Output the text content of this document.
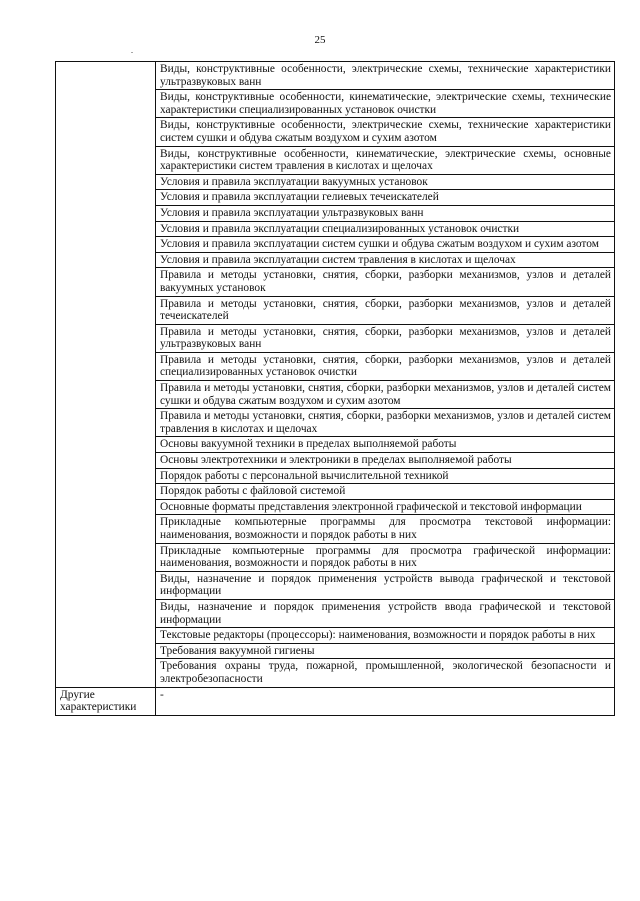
25
.
	Виды, конструктивные особенности, электрические схемы, технические характеристики ультразвуковых ванн
	Виды, конструктивные особенности, кинематические, электрические схемы, технические характеристики специализированных установок очистки
	Виды, конструктивные особенности, электрические схемы, технические характеристики систем сушки и обдува сжатым воздухом и сухим азотом
	Виды, конструктивные особенности, кинематические, электрические схемы, основные характеристики систем травления в кислотах и щелочах
	Условия и правила эксплуатации вакуумных установок
	Условия и правила эксплуатации гелиевых течеискателей
	Условия и правила эксплуатации ультразвуковых ванн
	Условия и правила эксплуатации специализированных установок очистки
	Условия и правила эксплуатации систем сушки и обдува сжатым воздухом и сухим азотом
	Условия и правила эксплуатации систем травления в кислотах и щелочах
	Правила и методы установки, снятия, сборки, разборки механизмов, узлов и деталей вакуумных установок
	Правила и методы установки, снятия, сборки, разборки механизмов, узлов и деталей течеискателей
	Правила и методы установки, снятия, сборки, разборки механизмов, узлов и деталей ультразвуковых ванн
	Правила и методы установки, снятия, сборки, разборки механизмов, узлов и деталей специализированных установок очистки
	Правила и методы установки, снятия, сборки, разборки механизмов, узлов и деталей систем сушки и обдува сжатым воздухом и сухим азотом
	Правила и методы установки, снятия, сборки, разборки механизмов, узлов и деталей систем травления в кислотах и щелочах
	Основы вакуумной техники в пределах выполняемой работы
	Основы электротехники и электроники в пределах выполняемой работы
	Порядок работы с персональной вычислительной техникой
	Порядок работы с файловой системой
	Основные форматы представления электронной графической и текстовой информации
	Прикладные компьютерные программы для просмотра текстовой информации: наименования, возможности и порядок работы в них
	Прикладные компьютерные программы для просмотра графической информации: наименования, возможности и порядок работы в них
	Виды, назначение и порядок применения устройств вывода графической и текстовой информации
	Виды, назначение и порядок применения устройств ввода графической и текстовой информации
	Текстовые редакторы (процессоры): наименования, возможности и порядок работы в них
	Требования вакуумной гигиены
	Требования охраны труда, пожарной, промышленной, экологической безопасности и электробезопасности
Другие характеристики	-
